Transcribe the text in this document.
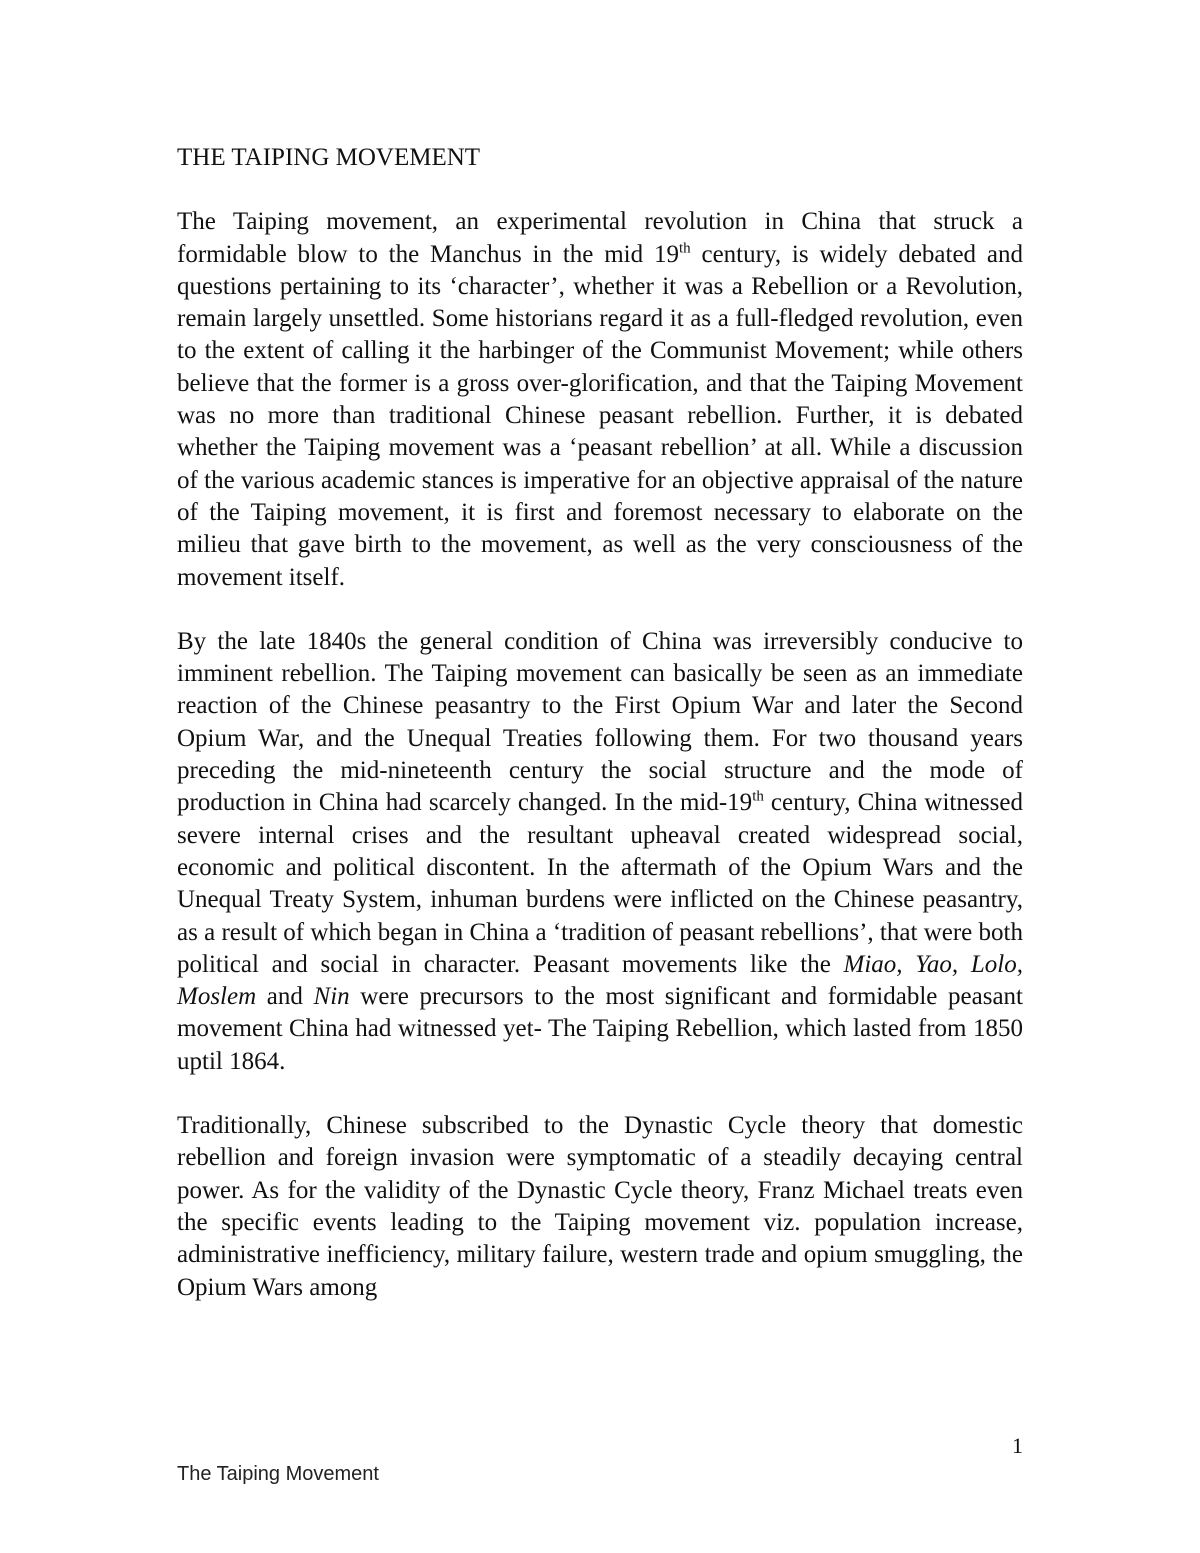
THE TAIPING MOVEMENT

The Taiping movement, an experimental revolution in China that struck a formidable blow to the Manchus in the mid 19th century, is widely debated and questions pertaining to its ‘character’, whether it was a Rebellion or a Revolution, remain largely unsettled. Some historians regard it as a full-fledged revolution, even to the extent of calling it the harbinger of the Communist Movement; while others believe that the former is a gross over-glorification, and that the Taiping Movement was no more than traditional Chinese peasant rebellion. Further, it is debated whether the Taiping movement was a ‘peasant rebellion’ at all. While a discussion of the various academic stances is imperative for an objective appraisal of the nature of the Taiping movement, it is first and foremost necessary to elaborate on the milieu that gave birth to the movement, as well as the very consciousness of the movement itself.

By the late 1840s the general condition of China was irreversibly conducive to imminent rebellion. The Taiping movement can basically be seen as an immediate reaction of the Chinese peasantry to the First Opium War and later the Second Opium War, and the Unequal Treaties following them. For two thousand years preceding the mid-nineteenth century the social structure and the mode of production in China had scarcely changed. In the mid-19th century, China witnessed severe internal crises and the resultant upheaval created widespread social, economic and political discontent. In the aftermath of the Opium Wars and the Unequal Treaty System, inhuman burdens were inflicted on the Chinese peasantry, as a result of which began in China a ‘tradition of peasant rebellions’, that were both political and social in character. Peasant movements like the Miao, Yao, Lolo, Moslem and Nin were precursors to the most significant and formidable peasant movement China had witnessed yet- The Taiping Rebellion, which lasted from 1850 uptil 1864.

Traditionally, Chinese subscribed to the Dynastic Cycle theory that domestic rebellion and foreign invasion were symptomatic of a steadily decaying central power. As for the validity of the Dynastic Cycle theory, Franz Michael treats even the specific events leading to the Taiping movement viz. population increase, administrative inefficiency, military failure, western trade and opium smuggling, the Opium Wars among

1
The Taiping Movement
